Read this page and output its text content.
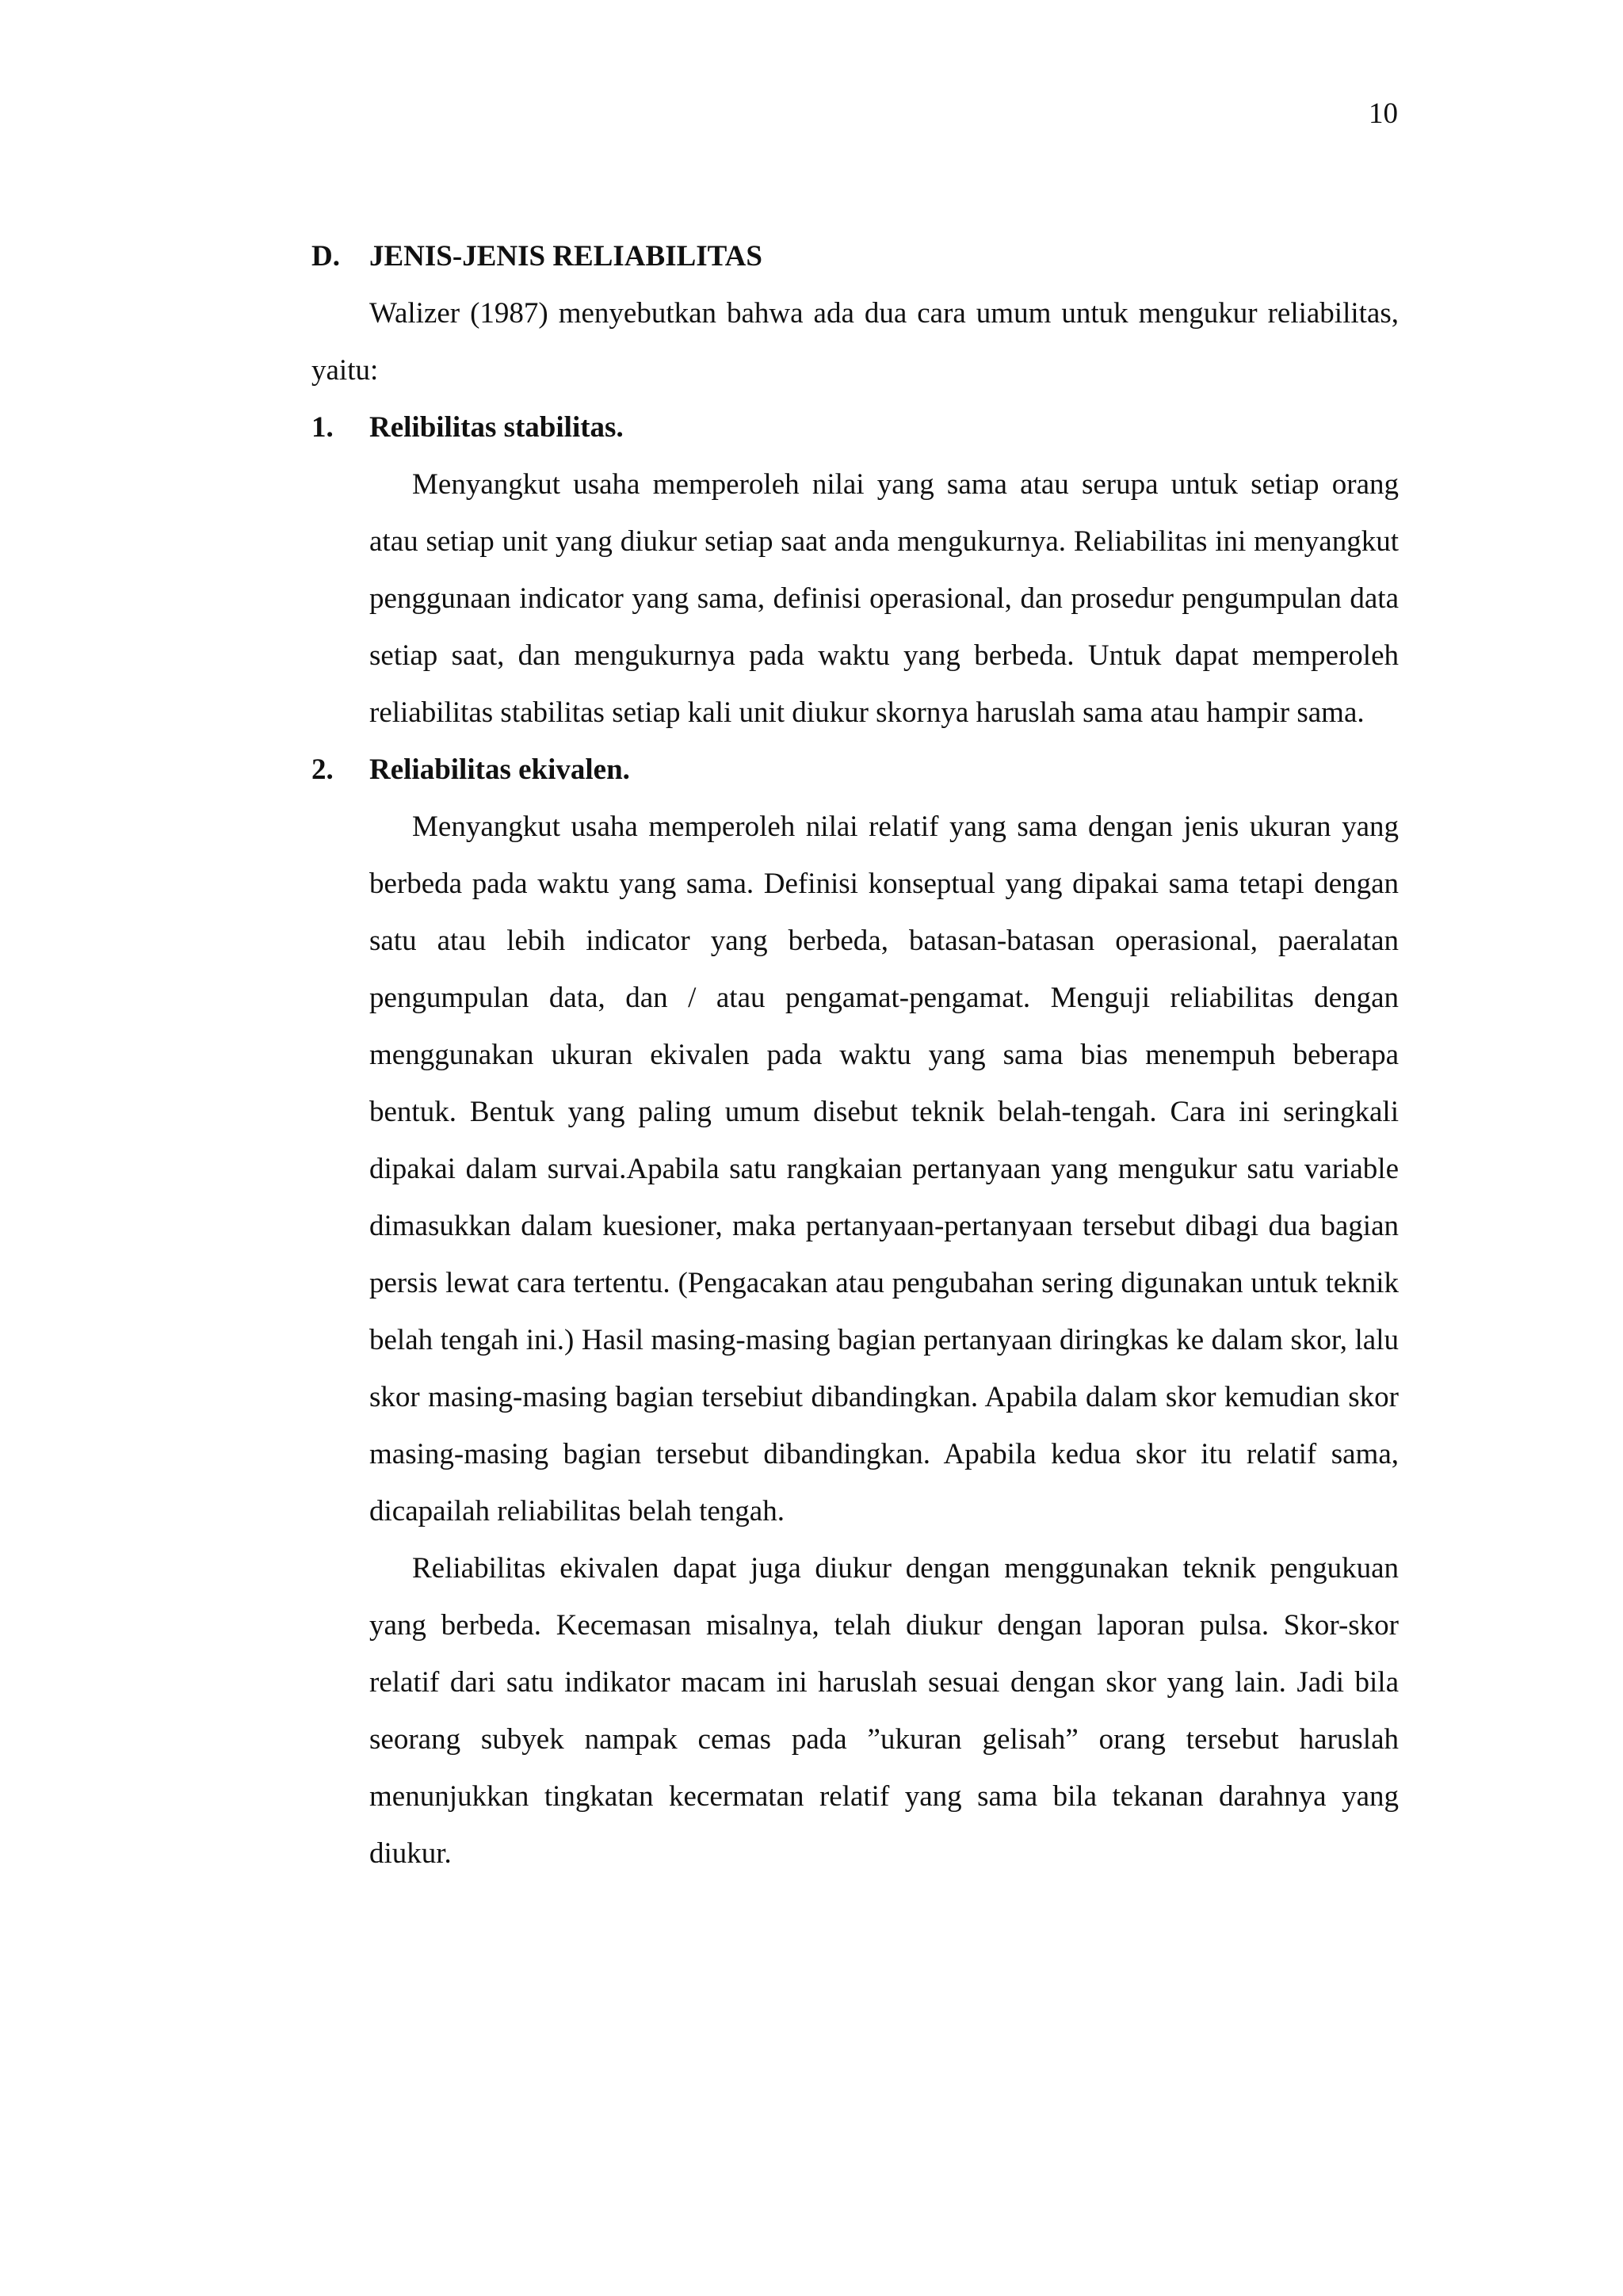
10
D. JENIS-JENIS RELIABILITAS

Walizer (1987) menyebutkan bahwa ada dua cara umum untuk mengukur reliabilitas, yaitu:

1. Relibilitas stabilitas.

Menyangkut usaha memperoleh nilai yang sama atau serupa untuk setiap orang atau setiap unit yang diukur setiap saat anda mengukurnya. Reliabilitas ini menyangkut penggunaan indicator yang sama, definisi operasional, dan prosedur pengumpulan data setiap saat, dan mengukurnya pada waktu yang berbeda. Untuk dapat memperoleh reliabilitas stabilitas setiap kali unit diukur skornya haruslah sama atau hampir sama.

2. Reliabilitas ekivalen.

Menyangkut usaha memperoleh nilai relatif yang sama dengan jenis ukuran yang berbeda pada waktu yang sama. Definisi konseptual yang dipakai sama tetapi dengan satu atau lebih indicator yang berbeda, batasan-batasan operasional, paeralatan pengumpulan data, dan / atau pengamat-pengamat. Menguji reliabilitas dengan menggunakan ukuran ekivalen pada waktu yang sama bias menempuh beberapa bentuk. Bentuk yang paling umum disebut teknik belah-tengah. Cara ini seringkali dipakai dalam survai.Apabila satu rangkaian pertanyaan yang mengukur satu variable dimasukkan dalam kuesioner, maka pertanyaan-pertanyaan tersebut dibagi dua bagian persis lewat cara tertentu. (Pengacakan atau pengubahan sering digunakan untuk teknik belah tengah ini.) Hasil masing-masing bagian pertanyaan diringkas ke dalam skor, lalu skor masing-masing bagian tersebiut dibandingkan. Apabila dalam skor kemudian skor masing-masing bagian tersebut dibandingkan. Apabila kedua skor itu relatif sama, dicapailah reliabilitas belah tengah.

Reliabilitas ekivalen dapat juga diukur dengan menggunakan teknik pengukuan yang berbeda. Kecemasan misalnya, telah diukur dengan laporan pulsa. Skor-skor relatif dari satu indikator macam ini haruslah sesuai dengan skor yang lain. Jadi bila seorang subyek nampak cemas pada ”ukuran gelisah” orang tersebut haruslah menunjukkan tingkatan kecermatan relatif yang sama bila tekanan darahnya yang diukur.
